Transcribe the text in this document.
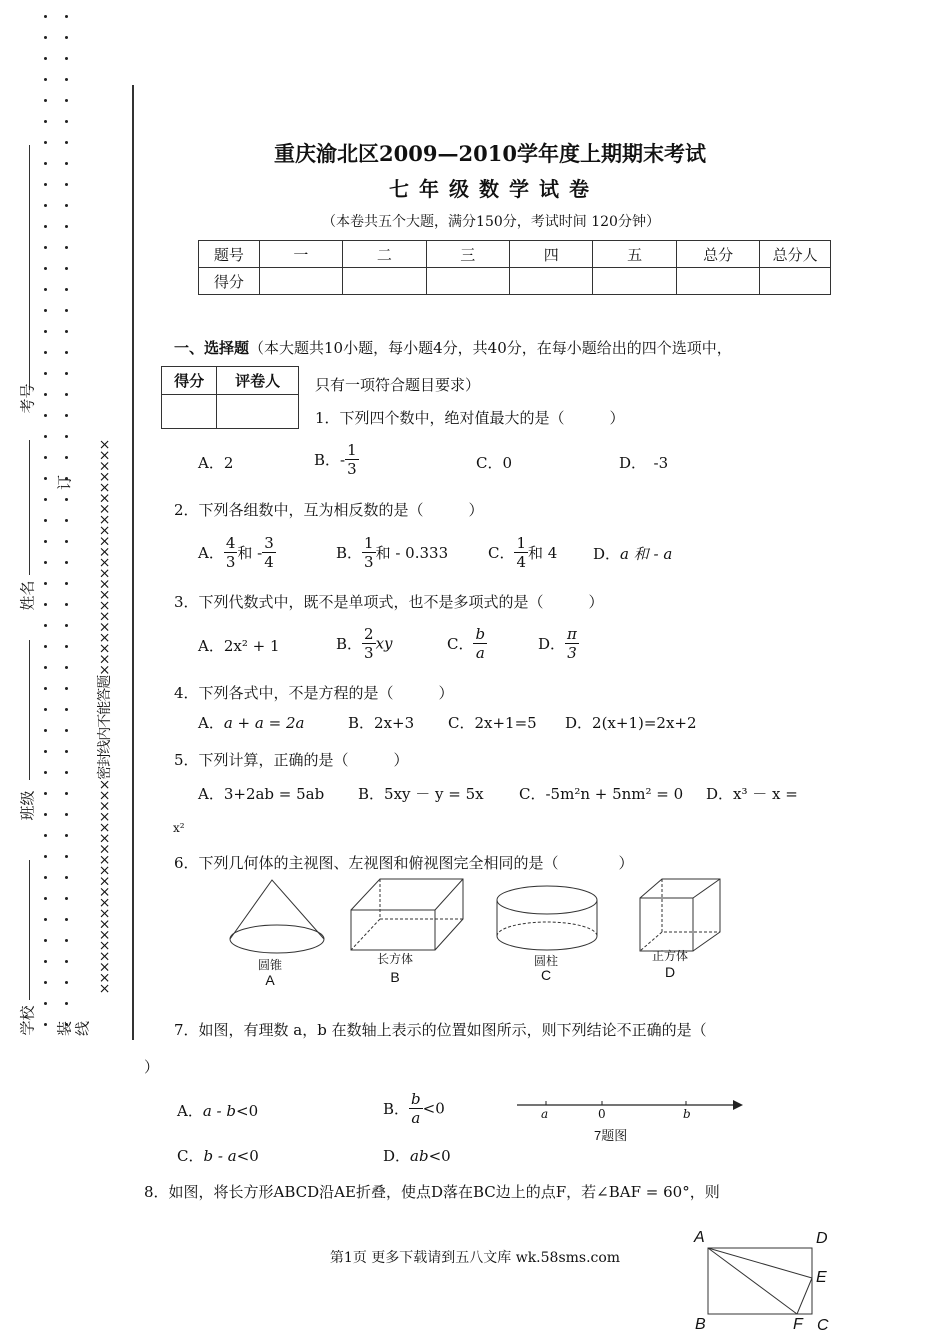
考号
姓名
班级
学校
订
装 线
××××××××××××××××××××密封线内不能答题××××××××××××××××××××××
重庆渝北区2009—2010学年度上期期末考试
七年级数学试卷
（本卷共五个大题，满分150分，考试时间 120分钟）
题号	一	二	三	四	五	总分	总分人
得分							
一、选择题（本大题共10小题，每小题4分，共40分，在每小题给出的四个选项中，
得分	评卷人
	只有一项符合题目要求）
1．下列四个数中，绝对值最大的是（　　　）
A．2	B．- $\frac{1}{3}$	C．0	D．　-3
2．下列各组数中，互为相反数的是（　　　）
A． $\frac{4}{3}$ 和 - $\frac{3}{4}$	B． $\frac{1}{3}$ 和 - 0.333	C． $\frac{1}{4}$ 和 4 D．a 和 - a
3．下列代数式中，既不是单项式，也不是多项式的是（　　　）
A．2x² + 1	B． $\frac{2}{3}$ xy	C． $\frac{b}{a}$	D． $\frac{\pi}{3}$
4．下列各式中，不是方程的是（　　　）
A．a + a = 2a	B．2x+3 C．2x+1=5 D．2(x+1)=2x+2
5．下列计算，正确的是（　　　）
A．3+2ab = 5ab B．5xy － y = 5x C．-5m²n + 5nm² = 0 D．x³ － x =
x²
6．下列几何体的主视图、左视图和俯视图完全相同的是（　　　　）
圆锥
A
长方体
B
圆柱
C
正方体
D
7．如图，有理数 a，b 在数轴上表示的位置如图所示，则下列结论不正确的是（
）
A．a - b<0	B． $\frac{b}{a} <0$
C．b - a<0	D．ab<0
a	0	b
7题图
8．如图，将长方形ABCD沿AE折叠，使点D落在BC边上的点F，若∠BAF = 60°，则
A	D
E
B	F C
第1页 更多下载请到五八文库 wk.58sms.com
